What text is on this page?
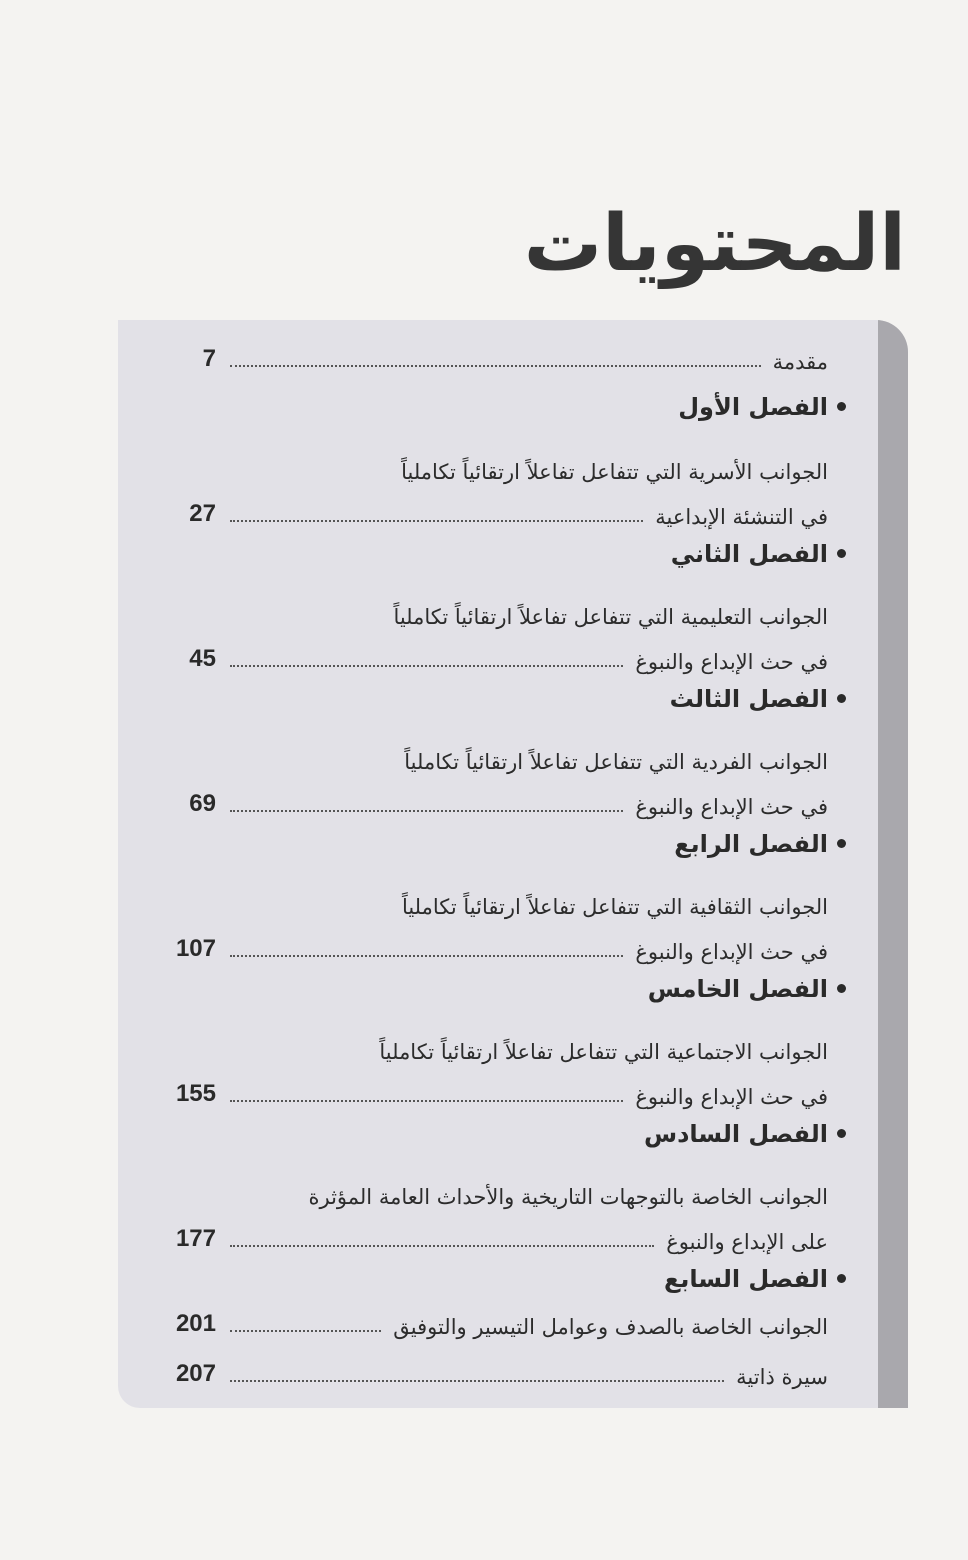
المحتويات
مقدمة
7
الفصل الأول
الجوانب الأسرية التي تتفاعل تفاعلاً ارتقائياً تكاملياً
في التنشئة الإبداعية
27
الفصل الثاني
الجوانب التعليمية التي تتفاعل تفاعلاً ارتقائياً تكاملياً
في حث الإبداع والنبوغ
45
الفصل الثالث
الجوانب الفردية التي تتفاعل تفاعلاً ارتقائياً تكاملياً
في حث الإبداع والنبوغ
69
الفصل الرابع
الجوانب الثقافية التي تتفاعل تفاعلاً ارتقائياً تكاملياً
في حث الإبداع والنبوغ
107
الفصل الخامس
الجوانب الاجتماعية التي تتفاعل تفاعلاً ارتقائياً تكاملياً
في حث الإبداع والنبوغ
155
الفصل السادس
الجوانب الخاصة بالتوجهات التاريخية والأحداث العامة المؤثرة
على الإبداع والنبوغ
177
الفصل السابع
الجوانب الخاصة بالصدف وعوامل التيسير والتوفيق
201
سيرة ذاتية
207
